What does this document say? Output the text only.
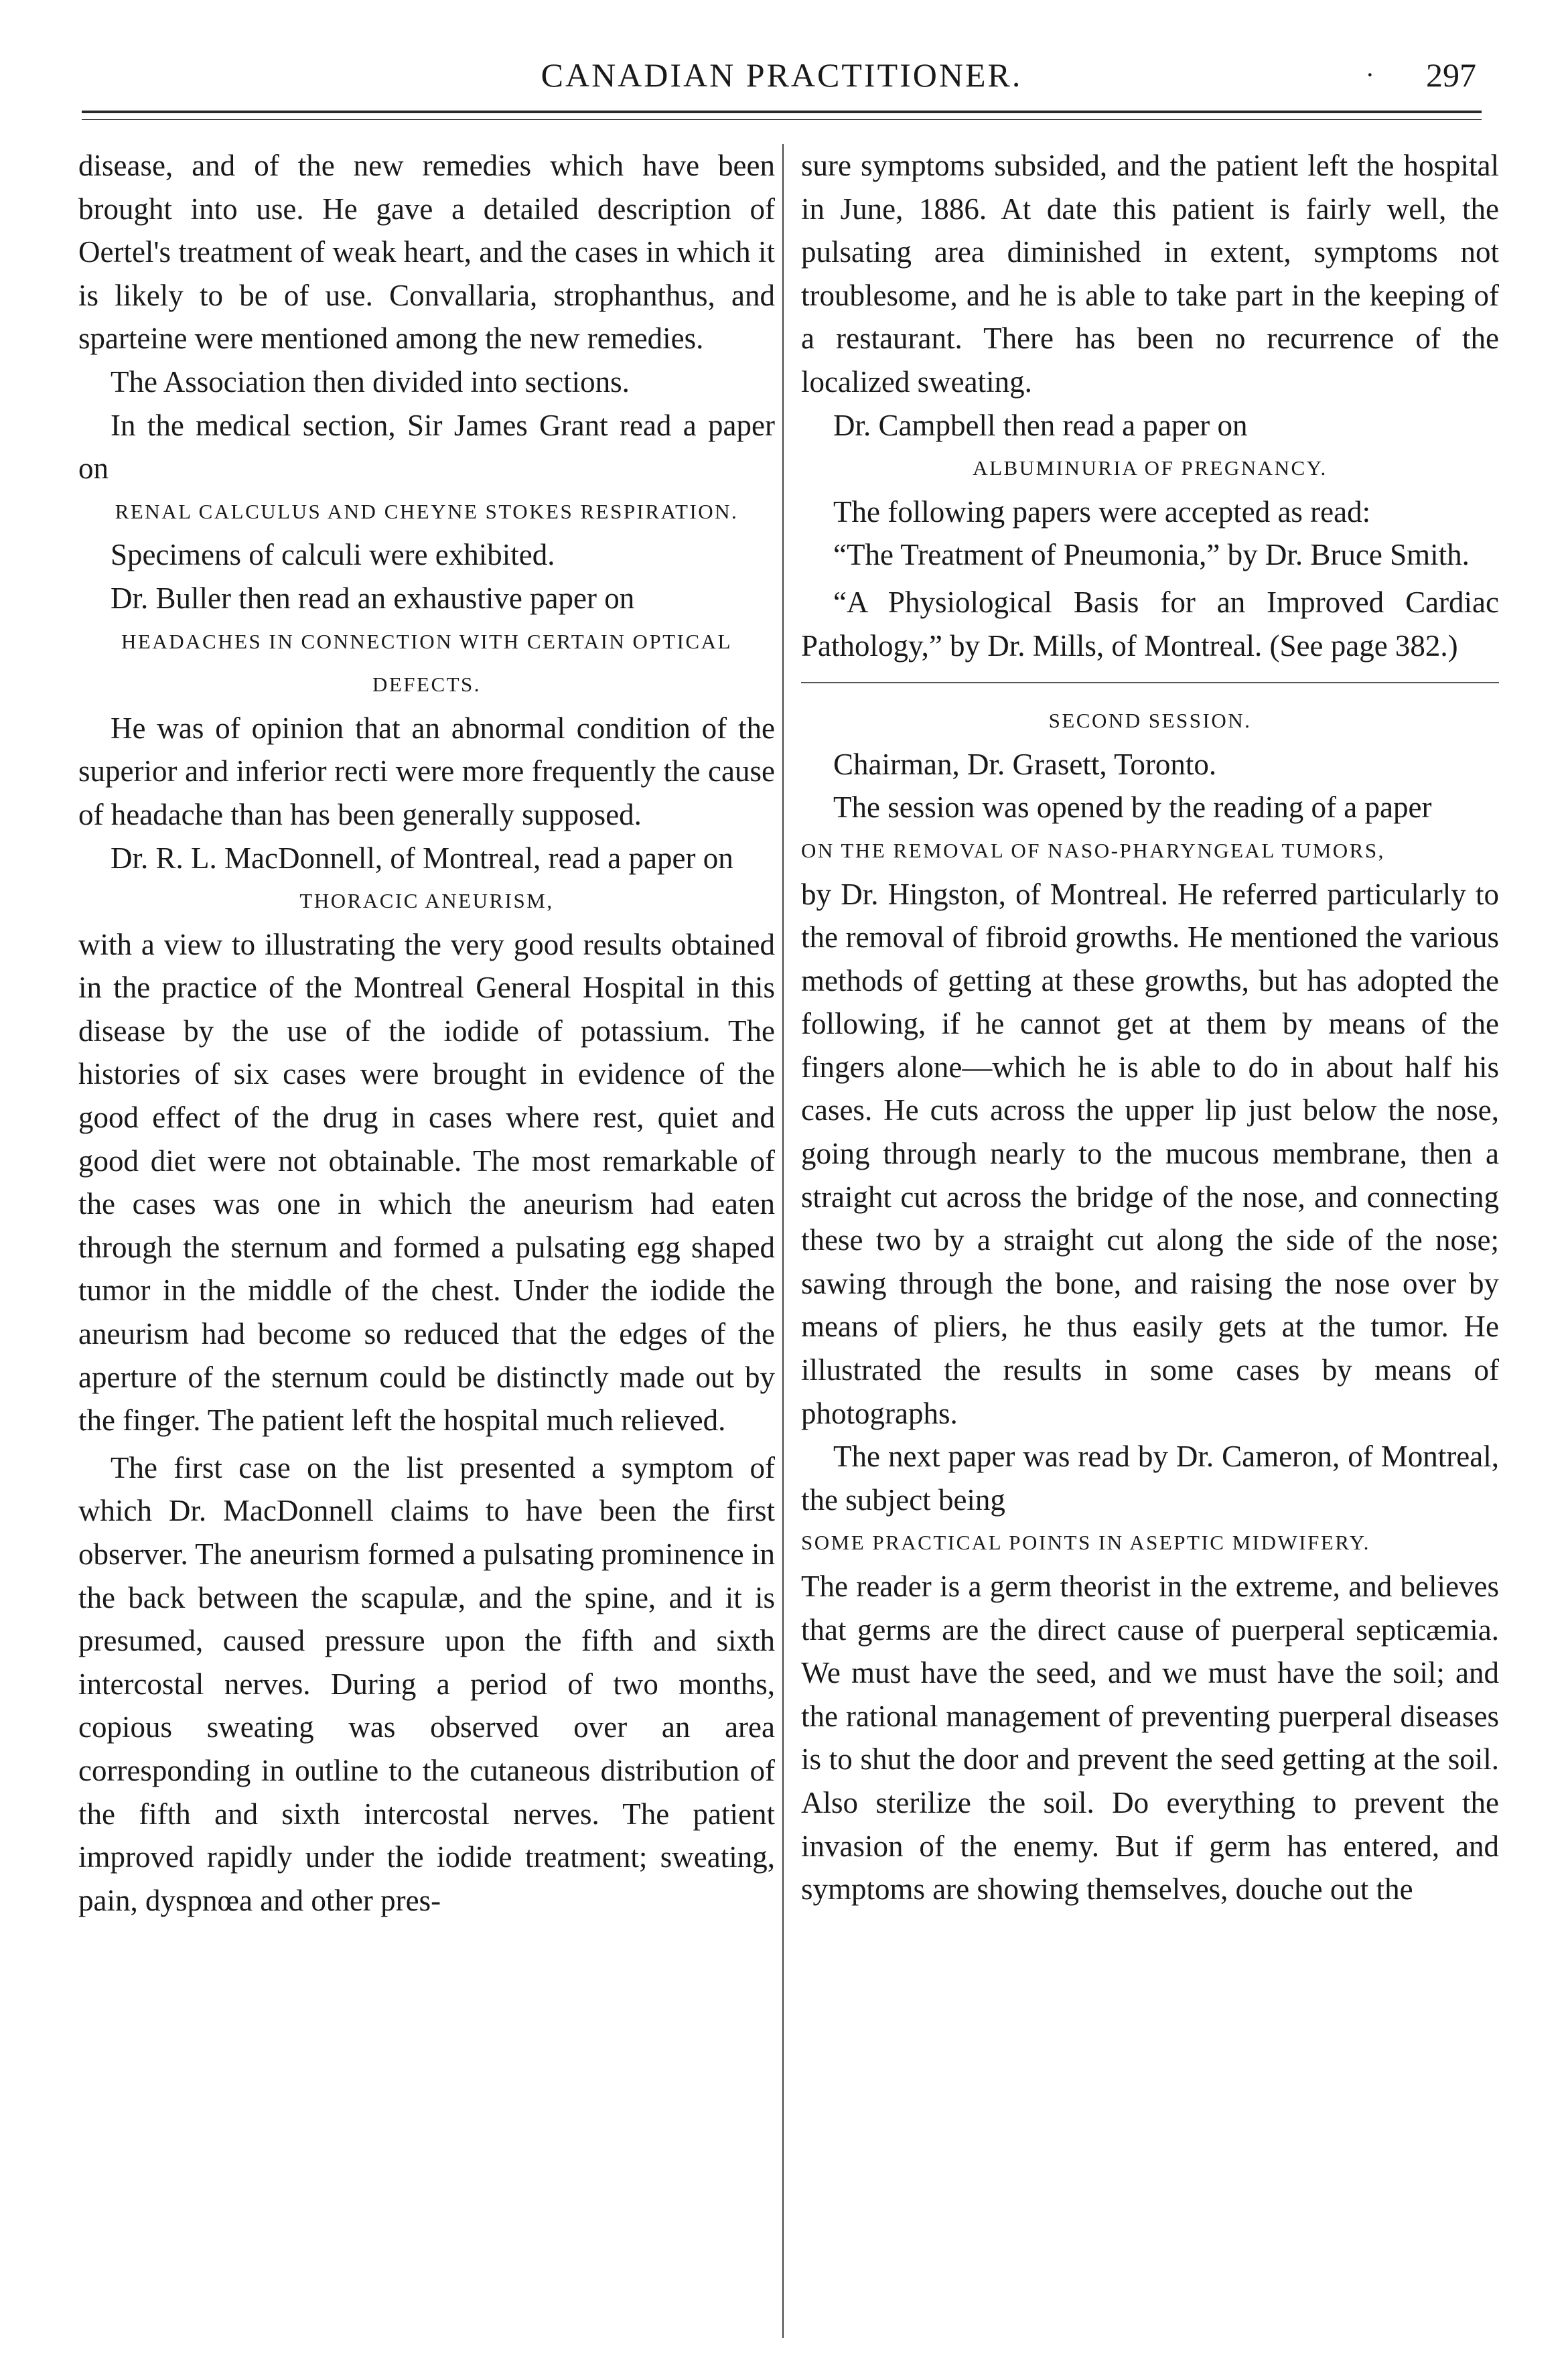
CANADIAN PRACTITIONER.	· 297

disease, and of the new remedies which have been brought into use. He gave a detailed description of Oertel's treatment of weak heart, and the cases in which it is likely to be of use. Convallaria, strophanthus, and sparteine were mentioned among the new remedies.

The Association then divided into sections.

In the medical section, Sir James Grant read a paper on

RENAL CALCULUS AND CHEYNE STOKES RESPIRATION.

Specimens of calculi were exhibited.

Dr. Buller then read an exhaustive paper on

HEADACHES IN CONNECTION WITH CERTAIN OPTICAL DEFECTS.

He was of opinion that an abnormal condition of the superior and inferior recti were more frequently the cause of headache than has been generally supposed.

Dr. R. L. MacDonnell, of Montreal, read a paper on

THORACIC ANEURISM,

with a view to illustrating the very good results obtained in the practice of the Montreal General Hospital in this disease by the use of the iodide of potassium. The histories of six cases were brought in evidence of the good effect of the drug in cases where rest, quiet and good diet were not obtainable. The most remarkable of the cases was one in which the aneurism had eaten through the sternum and formed a pulsating egg shaped tumor in the middle of the chest. Under the iodide the aneurism had become so reduced that the edges of the aperture of the sternum could be distinctly made out by the finger. The patient left the hospital much relieved.

The first case on the list presented a symptom of which Dr. MacDonnell claims to have been the first observer. The aneurism formed a pulsating prominence in the back between the scapulæ, and the spine, and it is presumed, caused pressure upon the fifth and sixth intercostal nerves. During a period of two months, copious sweating was observed over an area corresponding in outline to the cutaneous distribution of the fifth and sixth intercostal nerves. The patient improved rapidly under the iodide treatment; sweating, pain, dyspnœa and other pres-

sure symptoms subsided, and the patient left the hospital in June, 1886. At date this patient is fairly well, the pulsating area diminished in extent, symptoms not troublesome, and he is able to take part in the keeping of a restaurant. There has been no recurrence of the localized sweating.

Dr. Campbell then read a paper on

ALBUMINURIA OF PREGNANCY.

The following papers were accepted as read:

“The Treatment of Pneumonia,” by Dr. Bruce Smith.

“A Physiological Basis for an Improved Cardiac Pathology,” by Dr. Mills, of Montreal. (See page 382.)

SECOND SESSION.

Chairman, Dr. Grasett, Toronto.

The session was opened by the reading of a paper

ON THE REMOVAL OF NASO-PHARYNGEAL TUMORS,

by Dr. Hingston, of Montreal. He referred particularly to the removal of fibroid growths. He mentioned the various methods of getting at these growths, but has adopted the following, if he cannot get at them by means of the fingers alone—which he is able to do in about half his cases. He cuts across the upper lip just below the nose, going through nearly to the mucous membrane, then a straight cut across the bridge of the nose, and connecting these two by a straight cut along the side of the nose; sawing through the bone, and raising the nose over by means of pliers, he thus easily gets at the tumor. He illustrated the results in some cases by means of photographs.

The next paper was read by Dr. Cameron, of Montreal, the subject being

SOME PRACTICAL POINTS IN ASEPTIC MIDWIFERY.

The reader is a germ theorist in the extreme, and believes that germs are the direct cause of puerperal septicæmia. We must have the seed, and we must have the soil; and the rational management of preventing puerperal diseases is to shut the door and prevent the seed getting at the soil. Also sterilize the soil. Do everything to prevent the invasion of the enemy. But if germ has entered, and symptoms are showing themselves, douche out the
